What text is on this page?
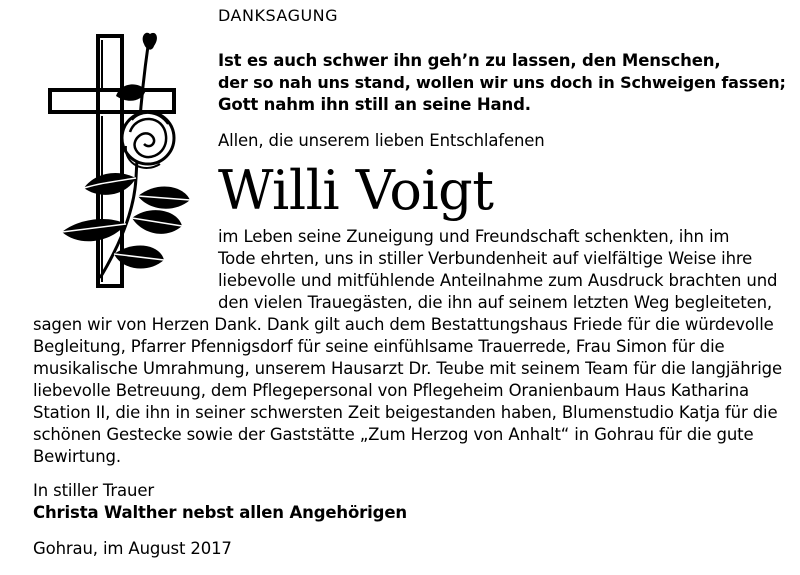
DANKSAGUNG
Ist es auch schwer ihn geh’n zu lassen, den Menschen,
der so nah uns stand, wollen wir uns doch in Schweigen fassen;
Gott nahm ihn still an seine Hand.
Allen, die unserem lieben Entschlafenen
Willi Voigt
im Leben seine Zuneigung und Freundschaft schenkten, ihn im
Tode ehrten, uns in stiller Verbundenheit auf vielfältige Weise ihre
liebevolle und mitfühlende Anteilnahme zum Ausdruck brachten und
den vielen Trauegästen, die ihn auf seinem letzten Weg begleiteten,
sagen wir von Herzen Dank. Dank gilt auch dem Bestattungshaus Friede für die würdevolle
Begleitung, Pfarrer Pfennigsdorf für seine einfühlsame Trauerrede, Frau Simon für die
musikalische Umrahmung, unserem Hausarzt Dr. Teube mit seinem Team für die langjährige
liebevolle Betreuung, dem Pflegepersonal von Pflegeheim Oranienbaum Haus Katharina
Station II, die ihn in seiner schwersten Zeit beigestanden haben, Blumenstudio Katja für die
schönen Gestecke sowie der Gaststätte „Zum Herzog von Anhalt“ in Gohrau für die gute
Bewirtung.
In stiller Trauer
Christa Walther nebst allen Angehörigen
Gohrau, im August 2017
